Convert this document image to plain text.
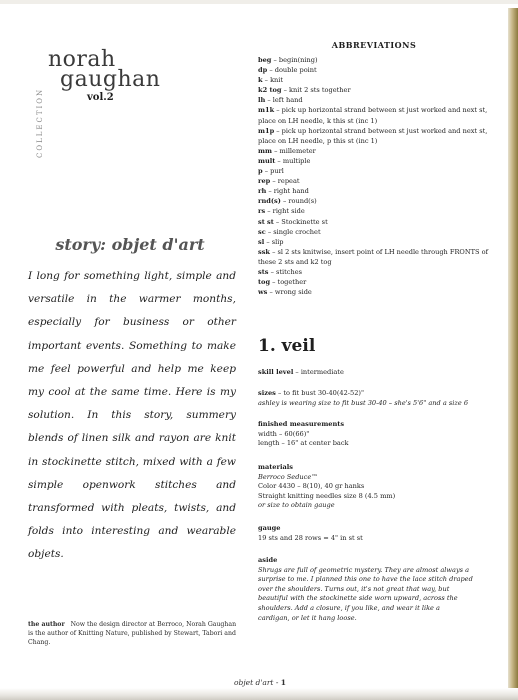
norah
gaughan
vol.2
COLLECTION
story: objet d'art

I long for something light, simple and versatile in the warmer months, especially for business or other important events. Something to make me feel powerful and help me keep my cool at the same time. Here is my solution. In this story, summery blends of linen silk and rayon are knit in stockinette stitch, mixed with a few simple openwork stitches and transformed with pleats, twists, and folds into interesting and wearable objets.

the author Now the design director at Berroco, Norah Gaughan is the author of Knitting Nature, published by Stewart, Tabori and Chang.

ABBREVIATIONS
beg – begin(ning)
dp – double point
k – knit
k2 tog – knit 2 sts together
lh – left hand
m1k – pick up horizontal strand between st just worked and next st, place on LH needle, k this st (inc 1)
m1p – pick up horizontal strand between st just worked and next st, place on LH needle, p this st (inc 1)
mm – millemeter
mult – multiple
p – purl
rep – repeat
rh – right hand
rnd(s) – round(s)
rs – right side
st st – Stockinette st
sc – single crochet
sl – slip
ssk – sl 2 sts knitwise, insert point of LH needle through FRONTS of these 2 sts and k2 tog
sts – stitches
tog – together
ws – wrong side
1. veil
skill level – intermediate
sizes – to fit bust 30-40(42-52)"
ashley is wearing size to fit bust 30-40 – she's 5'6" and a size 6
finished measurements
width – 60(66)"
length – 16" at center back
materials
Berroco Seduce™
Color 4430 – 8(10), 40 gr hanks
Straight knitting needles size 8 (4.5 mm)
or size to obtain gauge
gauge
19 sts and 28 rows = 4" in st st
aside
Shrugs are full of geometric mystery. They are almost always a surprise to me. I planned this one to have the lace stitch draped over the shoulders. Turns out, it's not great that way, but beautiful with the stockinette side worn upward, across the shoulders. Add a closure, if you like, and wear it like a cardigan, or let it hang loose.
objet d'art - 1
